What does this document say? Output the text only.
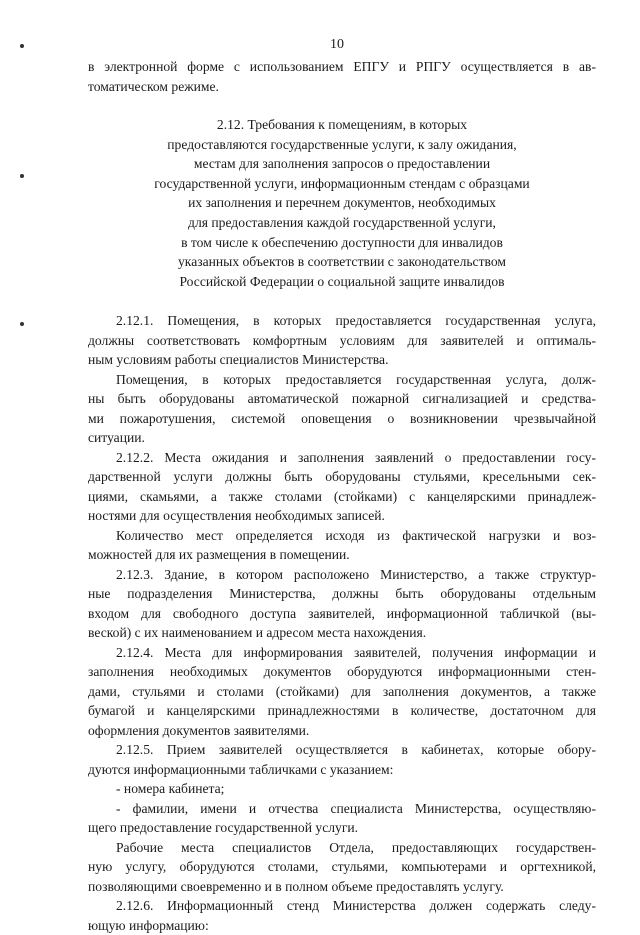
10

в электронной форме с использованием ЕПГУ и РПГУ осуществляется в ав-
томатическом режиме.

2.12. Требования к помещениям, в которых
предоставляются государственные услуги, к залу ожидания,
местам для заполнения запросов о предоставлении
государственной услуги, информационным стендам с образцами
их заполнения и перечнем документов, необходимых
для предоставления каждой государственной услуги,
в том числе к обеспечению доступности для инвалидов
указанных объектов в соответствии с законодательством
Российской Федерации о социальной защите инвалидов

2.12.1. Помещения, в которых предоставляется государственная услуга,
должны соответствовать комфортным условиям для заявителей и оптималь-
ным условиям работы специалистов Министерства.

Помещения, в которых предоставляется государственная услуга, долж-
ны быть оборудованы автоматической пожарной сигнализацией и средства-
ми пожаротушения, системой оповещения о возникновении чрезвычайной
ситуации.

2.12.2. Места ожидания и заполнения заявлений о предоставлении госу-
дарственной услуги должны быть оборудованы стульями, кресельными сек-
циями, скамьями, а также столами (стойками) с канцелярскими принадлеж-
ностями для осуществления необходимых записей.

Количество мест определяется исходя из фактической нагрузки и воз-
можностей для их размещения в помещении.

2.12.3. Здание, в котором расположено Министерство, а также структур-
ные подразделения Министерства, должны быть оборудованы отдельным
входом для свободного доступа заявителей, информационной табличкой (вы-
веской) с их наименованием и адресом места нахождения.

2.12.4. Места для информирования заявителей, получения информации и
заполнения необходимых документов оборудуются информационными стен-
дами, стульями и столами (стойками) для заполнения документов, а также
бумагой и канцелярскими принадлежностями в количестве, достаточном для
оформления документов заявителями.

2.12.5. Прием заявителей осуществляется в кабинетах, которые обору-
дуются информационными табличками с указанием:

- номера кабинета;

- фамилии, имени и отчества специалиста Министерства, осуществляю-
щего предоставление государственной услуги.

Рабочие места специалистов Отдела, предоставляющих государствен-
ную услугу, оборудуются столами, стульями, компьютерами и оргтехникой,
позволяющими своевременно и в полном объеме предоставлять услугу.

2.12.6. Информационный стенд Министерства должен содержать следу-
ющую информацию:
